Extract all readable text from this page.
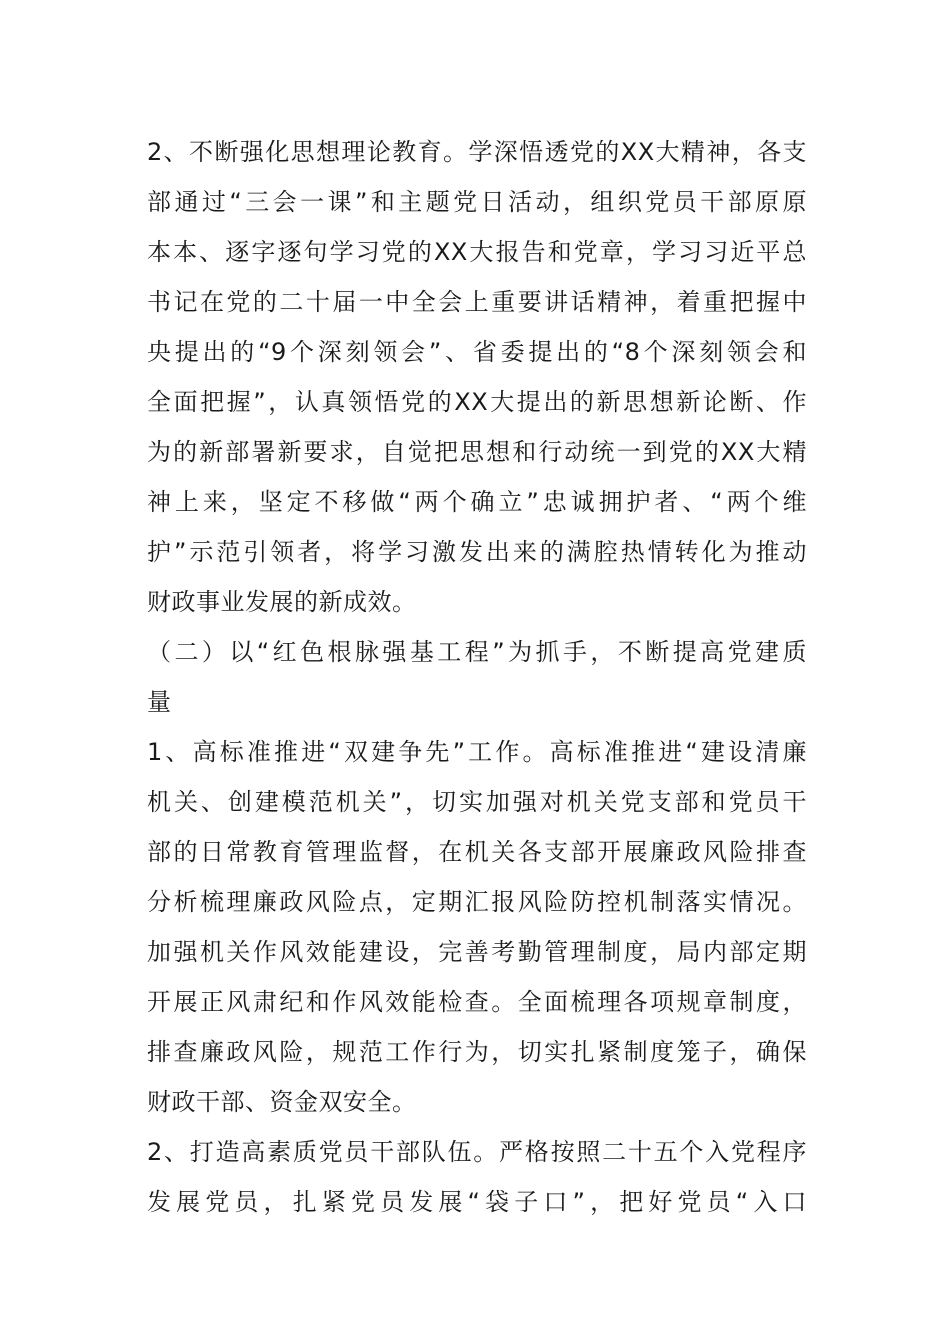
2、不断强化思想理论教育。学深悟透党的XX大精神，各支
部通过“三会一课”和主题党日活动，组织党员干部原原
本本、逐字逐句学习党的XX大报告和党章，学习习近平总
书记在党的二十届一中全会上重要讲话精神，着重把握中
央提出的“9个深刻领会”、省委提出的“8个深刻领会和
全面把握”，认真领悟党的XX大提出的新思想新论断、作
为的新部署新要求，自觉把思想和行动统一到党的XX大精
神上来，坚定不移做“两个确立”忠诚拥护者、“两个维
护”示范引领者，将学习激发出来的满腔热情转化为推动
财政事业发展的新成效。
（二）以“红色根脉强基工程”为抓手，不断提高党建质
量
1、高标准推进“双建争先”工作。高标准推进“建设清廉
机关、创建模范机关”，切实加强对机关党支部和党员干
部的日常教育管理监督，在机关各支部开展廉政风险排查
分析梳理廉政风险点，定期汇报风险防控机制落实情况。
加强机关作风效能建设，完善考勤管理制度，局内部定期
开展正风肃纪和作风效能检查。全面梳理各项规章制度，
排查廉政风险，规范工作行为，切实扎紧制度笼子，确保
财政干部、资金双安全。
2、打造高素质党员干部队伍。严格按照二十五个入党程序
发展党员，扎紧党员发展“袋子口”，把好党员“入口
